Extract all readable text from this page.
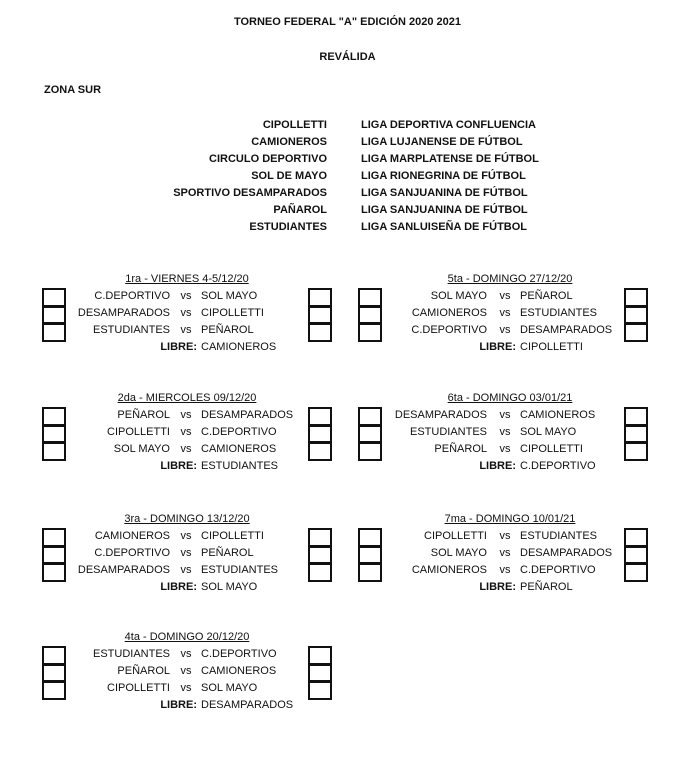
TORNEO FEDERAL "A" EDICIÓN 2020 2021
REVÁLIDA
ZONA SUR
CIPOLLETTI	LIGA DEPORTIVA CONFLUENCIA
CAMIONEROS	LIGA LUJANENSE DE FÚTBOL
CIRCULO DEPORTIVO	LIGA MARPLATENSE DE FÚTBOL
SOL DE MAYO	LIGA RIONEGRINA DE FÚTBOL
SPORTIVO DESAMPARADOS	LIGA SANJUANINA DE FÚTBOL
PAÑAROL	LIGA SANJUANINA DE FÚTBOL
ESTUDIANTES	LIGA SANLUISEÑA DE FÚTBOL
1ra - VIERNES 4-5/12/20
C.DEPORTIVO vs SOL MAYO
DESAMPARADOS vs CIPOLLETTI
ESTUDIANTES vs PEÑAROL
LIBRE: CAMIONEROS
2da - MIERCOLES 09/12/20
PEÑAROL vs DESAMPARADOS
CIPOLLETTI vs C.DEPORTIVO
SOL MAYO vs CAMIONEROS
LIBRE: ESTUDIANTES
3ra - DOMINGO 13/12/20
CAMIONEROS vs CIPOLLETTI
C.DEPORTIVO vs PEÑAROL
DESAMPARADOS vs ESTUDIANTES
LIBRE: SOL MAYO
4ta - DOMINGO 20/12/20
ESTUDIANTES vs C.DEPORTIVO
PEÑAROL vs CAMIONEROS
CIPOLLETTI vs SOL MAYO
LIBRE: DESAMPARADOS
5ta - DOMINGO 27/12/20
SOL MAYO	vs PEÑAROL
CAMIONEROS	vs ESTUDIANTES
C.DEPORTIVO	vs DESAMPARADOS
LIBRE: CIPOLLETTI
6ta - DOMINGO 03/01/21
DESAMPARADOS	vs CAMIONEROS
ESTUDIANTES	vs SOL MAYO
PEÑAROL	vs CIPOLLETTI
LIBRE: C.DEPORTIVO
7ma - DOMINGO 10/01/21
CIPOLLETTI	vs ESTUDIANTES
SOL MAYO	vs DESAMPARADOS
CAMIONEROS	vs C.DEPORTIVO
LIBRE: PEÑAROL
